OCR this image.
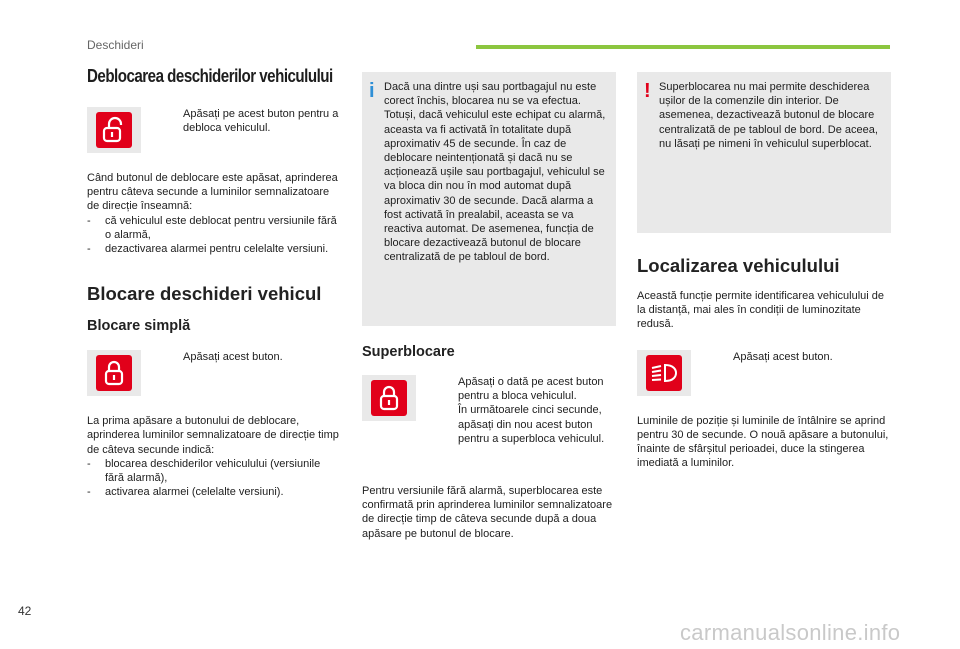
Deschideri
Deblocarea deschiderilor vehiculului
Apăsați pe acest buton pentru a debloca vehiculul.

Când butonul de deblocare este apăsat, aprinderea pentru câteva secunde a luminilor semnalizatoare de direcție înseamnă:

-	că vehiculul este deblocat pentru versiunile fără o alarmă,
-	dezactivarea alarmei pentru celelalte versiuni.
Blocare deschideri vehicul
Blocare simplă
Apăsați acest buton.

La prima apăsare a butonului de deblocare, aprinderea luminilor semnalizatoare de direcție timp de câteva secunde indică:

-	blocarea deschiderilor vehiculului (versiunile fără alarmă),
-	activarea alarmei (celelalte versiuni).
i Dacă una dintre uși sau portbagajul nu este corect închis, blocarea nu se va efectua. Totuși, dacă vehiculul este echipat cu alarmă, aceasta va fi activată în totalitate după aproximativ 45 de secunde. În caz de deblocare neintenționată și dacă nu se acționează ușile sau portbagajul, vehiculul se va bloca din nou în mod automat după aproximativ 30 de secunde. Dacă alarma a fost activată în prealabil, aceasta se va reactiva automat. De asemenea, funcția de blocare dezactivează butonul de blocare centralizată de pe tabloul de bord.

Superblocare
Apăsați o dată pe acest buton pentru a bloca vehiculul.
În următoarele cinci secunde, apăsați din nou acest buton pentru a superbloca vehiculul.

Pentru versiunile fără alarmă, superblocarea este confirmată prin aprinderea luminilor semnalizatoare de direcție timp de câteva secunde după a doua apăsare pe butonul de blocare.

! Superblocarea nu mai permite deschiderea ușilor de la comenzile din interior. De asemenea, dezactivează butonul de blocare centralizată de pe tabloul de bord. De aceea, nu lăsați pe nimeni în vehiculul superblocat.

Localizarea vehiculului

Această funcție permite identificarea vehiculului de la distanță, mai ales în condiții de luminozitate redusă.

Apăsați acest buton.

Luminile de poziție și luminile de întâlnire se aprind pentru 30 de secunde. O nouă apăsare a butonului, înainte de sfârșitul perioadei, duce la stingerea imediată a luminilor.

42
carmanualsonline.info
